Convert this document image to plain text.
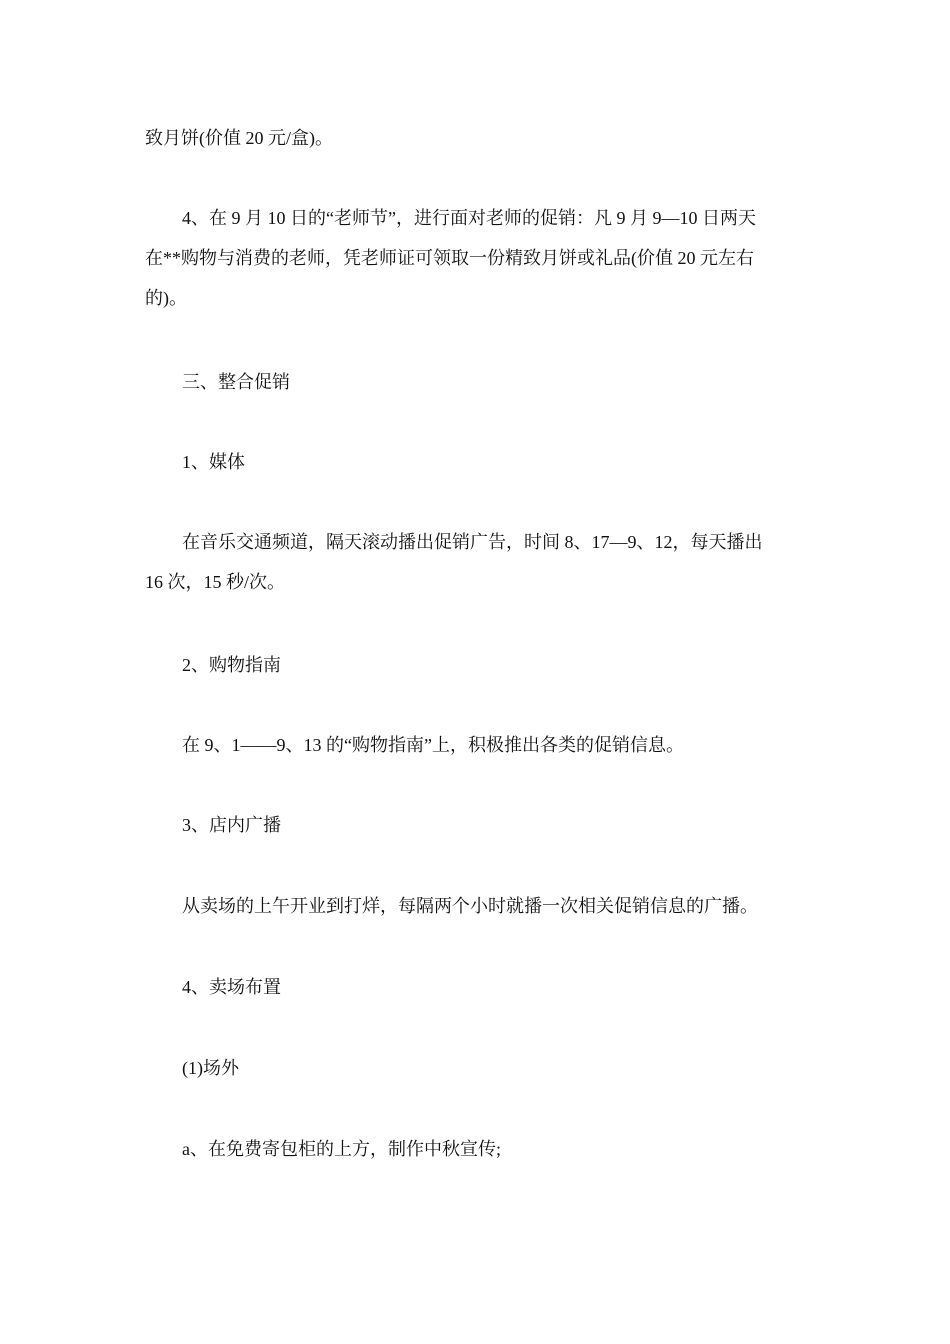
致月饼(价值 20 元/盒)。

4、在 9 月 10 日的“老师节”，进行面对老师的促销：凡 9 月 9—10 日两天
在**购物与消费的老师，凭老师证可领取一份精致月饼或礼品(价值 20 元左右
的)。

三、整合促销

1、媒体

在音乐交通频道，隔天滚动播出促销广告，时间 8、17—9、12，每天播出
16 次，15 秒/次。

2、购物指南

在 9、1——9、13 的“购物指南”上，积极推出各类的促销信息。

3、店内广播

从卖场的上午开业到打烊，每隔两个小时就播一次相关促销信息的广播。

4、卖场布置

(1)场外

a、在免费寄包柜的上方，制作中秋宣传;
